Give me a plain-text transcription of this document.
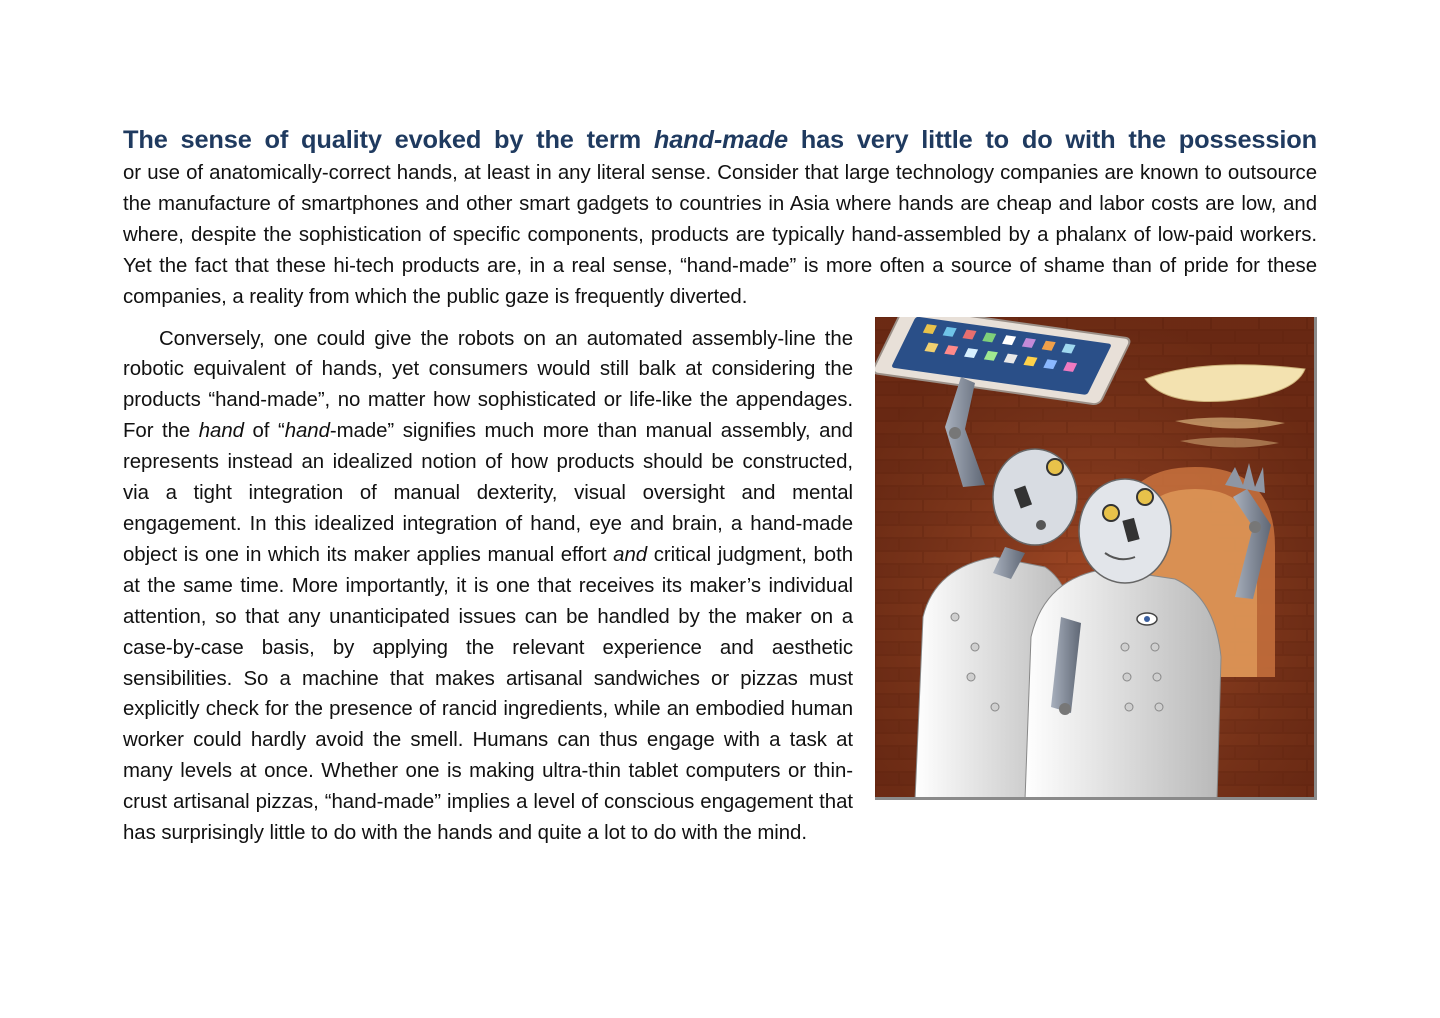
The sense of quality evoked by the term hand-made has very little to do with the possession

or use of anatomically-correct hands, at least in any literal sense. Consider that large technology companies are known to outsource the manufacture of smartphones and other smart gadgets to countries in Asia where hands are cheap and labor costs are low, and where, despite the sophistication of specific components, products are typically hand-assembled by a phalanx of low-paid workers. Yet the fact that these hi-tech products are, in a real sense, “hand-made” is more often a source of shame than of pride for these companies, a reality from which the public gaze is frequently diverted.

Conversely, one could give the robots on an automated assembly-line the robotic equivalent of hands, yet consumers would still balk at considering the products “hand-made”, no matter how sophisticated or life-like the appendages. For the hand of “hand-made” signifies much more than manual assembly, and represents instead an idealized notion of how products should be constructed, via a tight integration of manual dexterity, visual oversight and mental engagement. In this idealized integration of hand, eye and brain, a hand-made object is one in which its maker applies manual effort and critical judgment, both at the same time. More importantly, it is one that receives its maker’s individual attention, so that any unanticipated issues can be handled by the maker on a case-by-case basis, by applying the relevant experience and aesthetic sensibilities. So a machine that makes artisanal sandwiches or pizzas must explicitly check for the presence of rancid ingredients, while an embodied human worker could hardly avoid the smell. Humans can thus engage with a task at many levels at once. Whether one is making ultra-thin tablet computers or thin-crust artisanal pizzas, “hand-made” implies a level of conscious engagement that has surprisingly little to do with the hands and quite a lot to do with the mind.
